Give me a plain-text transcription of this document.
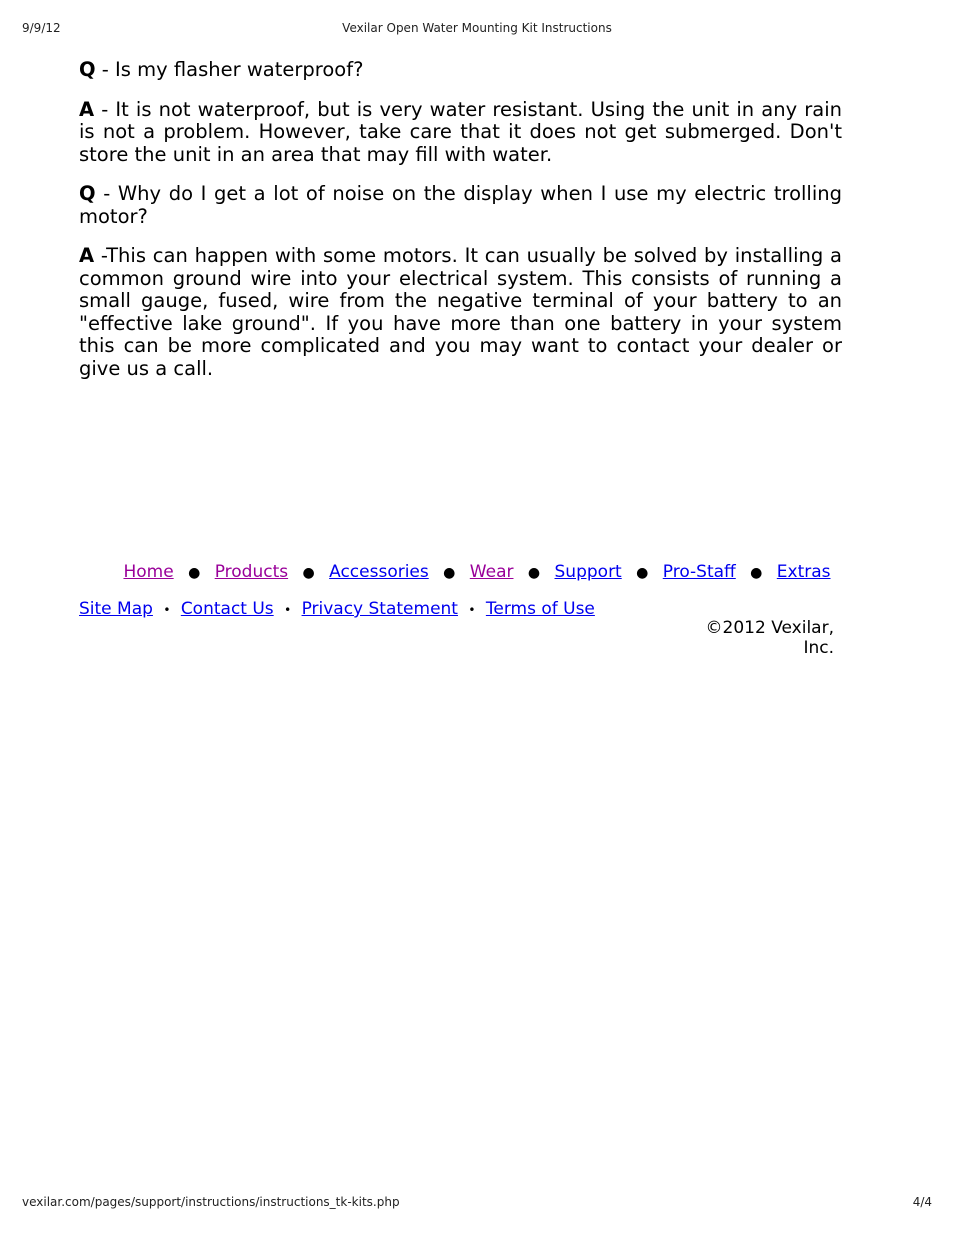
9/9/12	Vexilar Open Water Mounting Kit Instructions

Q - Is my flasher waterproof?

A - It is not waterproof, but is very water resistant. Using the unit in any rain is not a problem. However, take care that it does not get submerged. Don't store the unit in an area that may fill with water.

Q - Why do I get a lot of noise on the display when I use my electric trolling motor?

A -This can happen with some motors. It can usually be solved by installing a common ground wire into your electrical system. This consists of running a small gauge, fused, wire from the negative terminal of your battery to an "effective lake ground". If you have more than one battery in your system this can be more complicated and you may want to contact your dealer or give us a call.

Home ● Products ● Accessories ● Wear ● Support ● Pro-Staff ● Extras
Site Map • Contact Us • Privacy Statement • Terms of Use
©2012 Vexilar, Inc.
vexilar.com/pages/support/instructions/instructions_tk-kits.php	4/4
